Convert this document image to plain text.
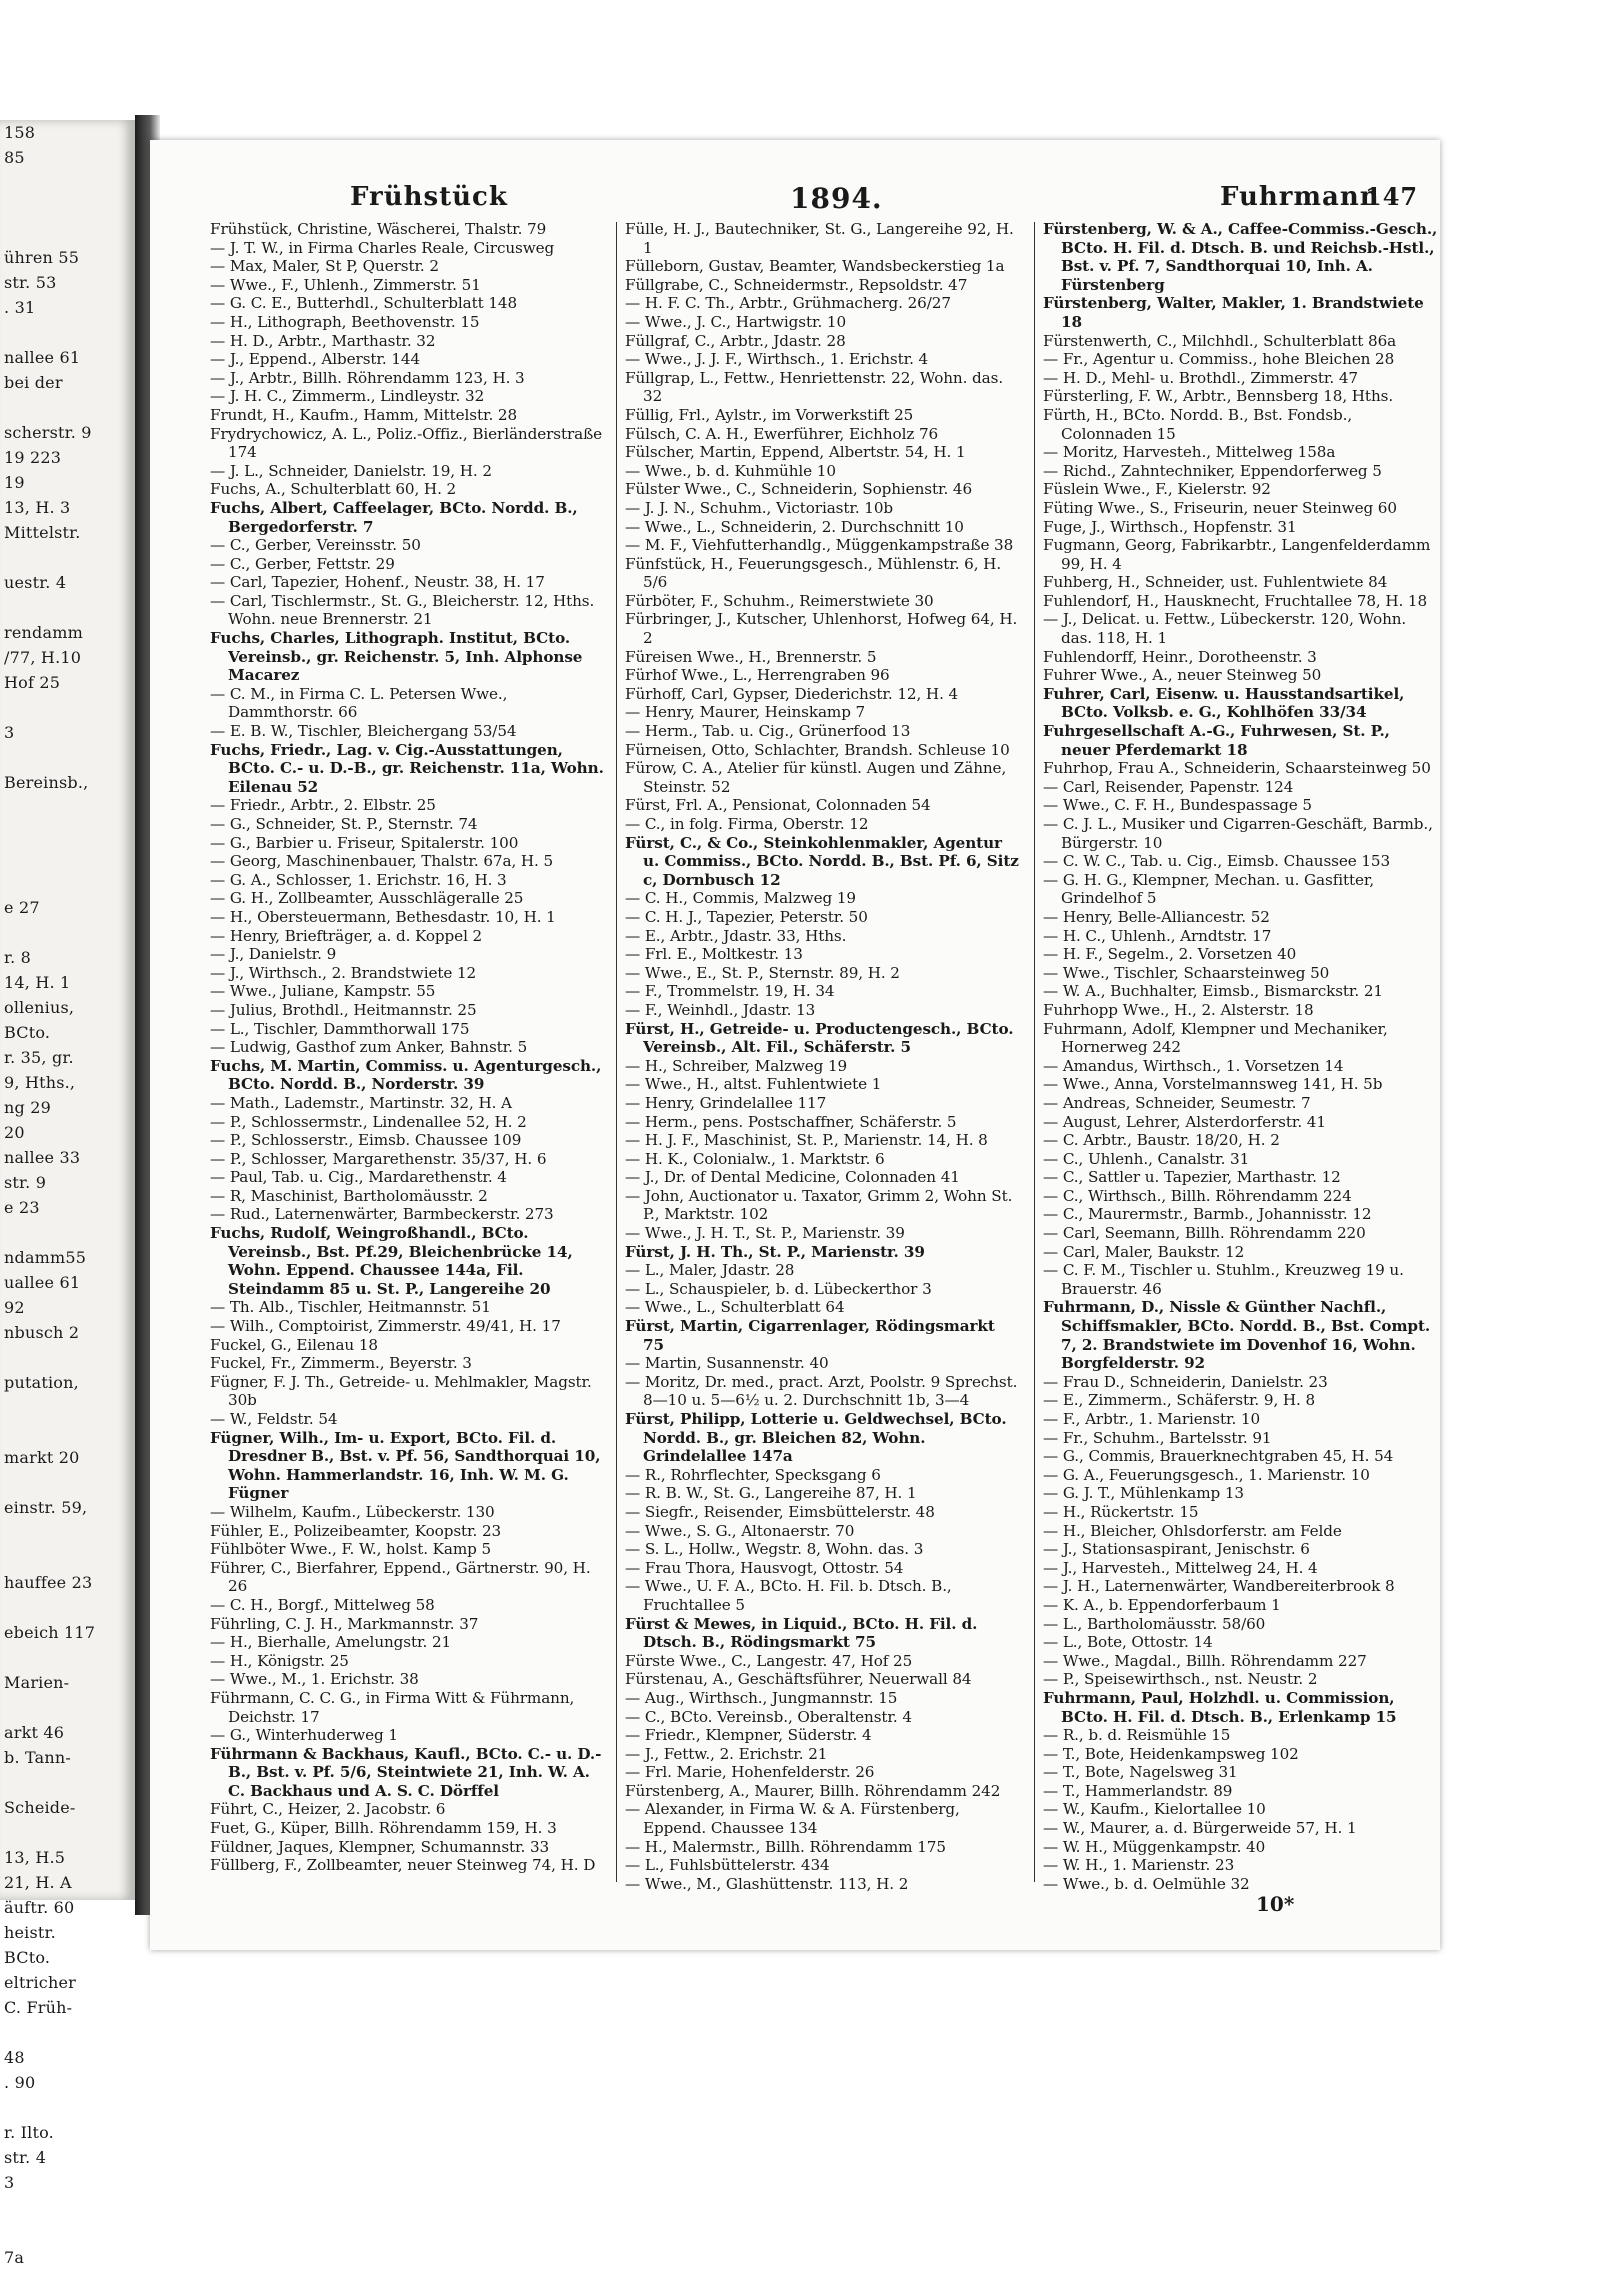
158
85

ühren 55
str. 53
. 31

nallee 61
bei der

scherstr. 9
19 223
19
13, H. 3
Mittelstr.

uestr. 4

rendamm
/77, H.10
Hof 25

3

Bereinsb.,

e 27

r. 8
14, H. 1
ollenius,
BCto.
r. 35, gr.
9, Hths.,
ng 29
20
nallee 33
str. 9
e 23

ndamm55
uallee 61
92
nbusch 2

putation,

markt 20

einstr. 59,

hauffee 23

ebeich 117

Marien-

arkt 46
b. Tann-

Scheide-

13, H.5
21, H. A
äuftr. 60
heistr.
BCto.
eltricher
C. Früh-

48
. 90

r. Ilto.
str. 4
3

7a
Frühstück	1894.	Fuhrmann
147
Frühstück, Christine, Wäscherei, Thalstr. 79
— J. T. W., in Firma Charles Reale, Circusweg
— Max, Maler, St P, Querstr. 2
— Wwe., F., Uhlenh., Zimmerstr. 51
— G. C. E., Butterhdl., Schulterblatt 148
— H., Lithograph, Beethovenstr. 15
— H. D., Arbtr., Marthastr. 32
— J., Eppend., Alberstr. 144
— J., Arbtr., Billh. Röhrendamm 123, H. 3
— J. H. C., Zimmerm., Lindleystr. 32
Frundt, H., Kaufm., Hamm, Mittelstr. 28
Frydrychowicz, A. L., Poliz.-Offiz., Bierländerstraße 174
— J. L., Schneider, Danielstr. 19, H. 2
Fuchs, A., Schulterblatt 60, H. 2
Fuchs, Albert, Caffeelager, BCto. Nordd. B., Bergedorferstr. 7
— C., Gerber, Vereinsstr. 50
— C., Gerber, Fettstr. 29
— Carl, Tapezier, Hohenf., Neustr. 38, H. 17
— Carl, Tischlermstr., St. G., Bleicherstr. 12, Hths. Wohn. neue Brennerstr. 21
Fuchs, Charles, Lithograph. Institut, BCto. Vereinsb., gr. Reichenstr. 5, Inh. Alphonse Macarez
— C. M., in Firma C. L. Petersen Wwe., Dammthorstr. 66
— E. B. W., Tischler, Bleichergang 53/54
Fuchs, Friedr., Lag. v. Cig.-Ausstattungen, BCto. C.- u. D.-B., gr. Reichenstr. 11a, Wohn. Eilenau 52
— Friedr., Arbtr., 2. Elbstr. 25
— G., Schneider, St. P., Sternstr. 74
— G., Barbier u. Friseur, Spitalerstr. 100
— Georg, Maschinenbauer, Thalstr. 67a, H. 5
— G. A., Schlosser, 1. Erichstr. 16, H. 3
— G. H., Zollbeamter, Ausschlägeralle 25
— H., Obersteuermann, Bethesdastr. 10, H. 1
— Henry, Briefträger, a. d. Koppel 2
— J., Danielstr. 9
— J., Wirthsch., 2. Brandstwiete 12
— Wwe., Juliane, Kampstr. 55
— Julius, Brothdl., Heitmannstr. 25
— L., Tischler, Dammthorwall 175
— Ludwig, Gasthof zum Anker, Bahnstr. 5
Fuchs, M. Martin, Commiss. u. Agenturgesch., BCto. Nordd. B., Norderstr. 39
— Math., Lademstr., Martinstr. 32, H. A
— P., Schlossermstr., Lindenallee 52, H. 2
— P., Schlosserstr., Eimsb. Chaussee 109
— P., Schlosser, Margarethenstr. 35/37, H. 6
— Paul, Tab. u. Cig., Mardarethenstr. 4
— R, Maschinist, Bartholomäusstr. 2
— Rud., Laternenwärter, Barmbeckerstr. 273
Fuchs, Rudolf, Weingroßhandl., BCto. Vereinsb., Bst. Pf.29, Bleichenbrücke 14, Wohn. Eppend. Chaussee 144a, Fil. Steindamm 85 u. St. P., Langereihe 20
— Th. Alb., Tischler, Heitmannstr. 51
— Wilh., Comptoirist, Zimmerstr. 49/41, H. 17
Fuckel, G., Eilenau 18
Fuckel, Fr., Zimmerm., Beyerstr. 3
Fügner, F. J. Th., Getreide- u. Mehlmakler, Magstr. 30b
— W., Feldstr. 54
Fügner, Wilh., Im- u. Export, BCto. Fil. d. Dresdner B., Bst. v. Pf. 56, Sandthorquai 10, Wohn. Hammerlandstr. 16, Inh. W. M. G. Fügner
— Wilhelm, Kaufm., Lübeckerstr. 130
Fühler, E., Polizeibeamter, Koopstr. 23
Fühlböter Wwe., F. W., holst. Kamp 5
Führer, C., Bierfahrer, Eppend., Gärtnerstr. 90, H. 26
— C. H., Borgf., Mittelweg 58
Führling, C. J. H., Markmannstr. 37
— H., Bierhalle, Amelungstr. 21
— H., Königstr. 25
— Wwe., M., 1. Erichstr. 38
Führmann, C. C. G., in Firma Witt & Führmann, Deichstr. 17
— G., Winterhuderweg 1
Führmann & Backhaus, Kaufl., BCto. C.- u. D.-B., Bst. v. Pf. 5/6, Steintwiete 21, Inh. W. A. C. Backhaus und A. S. C. Dörffel
Führt, C., Heizer, 2. Jacobstr. 6
Fuet, G., Küper, Billh. Röhrendamm 159, H. 3
Füldner, Jaques, Klempner, Schumannstr. 33
Füllberg, F., Zollbeamter, neuer Steinweg 74, H. D
Fülle, H. J., Bautechniker, St. G., Langereihe 92, H. 1
Fülleborn, Gustav, Beamter, Wandsbeckerstieg 1a
Füllgrabe, C., Schneidermstr., Repsoldstr. 47
— H. F. C. Th., Arbtr., Grühmacherg. 26/27
— Wwe., J. C., Hartwigstr. 10
Füllgraf, C., Arbtr., Jdastr. 28
— Wwe., J. J. F., Wirthsch., 1. Erichstr. 4
Füllgrap, L., Fettw., Henriettenstr. 22, Wohn. das. 32
Füllig, Frl., Aylstr., im Vorwerkstift 25
Fülsch, C. A. H., Ewerführer, Eichholz 76
Fülscher, Martin, Eppend, Albertstr. 54, H. 1
— Wwe., b. d. Kuhmühle 10
Fülster Wwe., C., Schneiderin, Sophienstr. 46
— J. J. N., Schuhm., Victoriastr. 10b
— Wwe., L., Schneiderin, 2. Durchschnitt 10
— M. F., Viehfutterhandlg., Müggenkampstraße 38
Fünfstück, H., Feuerungsgesch., Mühlenstr. 6, H. 5/6
Fürböter, F., Schuhm., Reimerstwiete 30
Fürbringer, J., Kutscher, Uhlenhorst, Hofweg 64, H. 2
Füreisen Wwe., H., Brennerstr. 5
Fürhof Wwe., L., Herrengraben 96
Fürhoff, Carl, Gypser, Diederichstr. 12, H. 4
— Henry, Maurer, Heinskamp 7
— Herm., Tab. u. Cig., Grünerfood 13
Fürneisen, Otto, Schlachter, Brandsh. Schleuse 10
Fürow, C. A., Atelier für künstl. Augen und Zähne, Steinstr. 52
Fürst, Frl. A., Pensionat, Colonnaden 54
— C., in folg. Firma, Oberstr. 12
Fürst, C., & Co., Steinkohlenmakler, Agentur u. Commiss., BCto. Nordd. B., Bst. Pf. 6, Sitz c, Dornbusch 12
— C. H., Commis, Malzweg 19
— C. H. J., Tapezier, Peterstr. 50
— E., Arbtr., Jdastr. 33, Hths.
— Frl. E., Moltkestr. 13
— Wwe., E., St. P., Sternstr. 89, H. 2
— F., Trommelstr. 19, H. 34
— F., Weinhdl., Jdastr. 13
Fürst, H., Getreide- u. Productengesch., BCto. Vereinsb., Alt. Fil., Schäferstr. 5
— H., Schreiber, Malzweg 19
— Wwe., H., altst. Fuhlentwiete 1
— Henry, Grindelallee 117
— Herm., pens. Postschaffner, Schäferstr. 5
— H. J. F., Maschinist, St. P., Marienstr. 14, H. 8
— H. K., Colonialw., 1. Marktstr. 6
— J., Dr. of Dental Medicine, Colonnaden 41
— John, Auctionator u. Taxator, Grimm 2, Wohn St. P., Marktstr. 102
— Wwe., J. H. T., St. P., Marienstr. 39
Fürst, J. H. Th., St. P., Marienstr. 39
— L., Maler, Jdastr. 28
— L., Schauspieler, b. d. Lübeckerthor 3
— Wwe., L., Schulterblatt 64
Fürst, Martin, Cigarrenlager, Rödingsmarkt 75
— Martin, Susannenstr. 40
— Moritz, Dr. med., pract. Arzt, Poolstr. 9 Sprechst. 8—10 u. 5—6½ u. 2. Durchschnitt 1b, 3—4
Fürst, Philipp, Lotterie u. Geldwechsel, BCto. Nordd. B., gr. Bleichen 82, Wohn. Grindelallee 147a
— R., Rohrflechter, Specksgang 6
— R. B. W., St. G., Langereihe 87, H. 1
— Siegfr., Reisender, Eimsbüttelerstr. 48
— Wwe., S. G., Altonaerstr. 70
— S. L., Hollw., Wegstr. 8, Wohn. das. 3
— Frau Thora, Hausvogt, Ottostr. 54
— Wwe., U. F. A., BCto. H. Fil. b. Dtsch. B., Fruchtallee 5
Fürst & Mewes, in Liquid., BCto. H. Fil. d. Dtsch. B., Rödingsmarkt 75
Fürste Wwe., C., Langestr. 47, Hof 25
Fürstenau, A., Geschäftsführer, Neuerwall 84
— Aug., Wirthsch., Jungmannstr. 15
— C., BCto. Vereinsb., Oberaltenstr. 4
— Friedr., Klempner, Süderstr. 4
— J., Fettw., 2. Erichstr. 21
— Frl. Marie, Hohenfelderstr. 26
Fürstenberg, A., Maurer, Billh. Röhrendamm 242
— Alexander, in Firma W. & A. Fürstenberg, Eppend. Chaussee 134
— H., Malermstr., Billh. Röhrendamm 175
— L., Fuhlsbüttelerstr. 434
— Wwe., M., Glashüttenstr. 113, H. 2
Fürstenberg, W. & A., Caffee-Commiss.-Gesch., BCto. H. Fil. d. Dtsch. B. und Reichsb.-Hstl., Bst. v. Pf. 7, Sandthorquai 10, Inh. A. Fürstenberg
Fürstenberg, Walter, Makler, 1. Brandstwiete 18
Fürstenwerth, C., Milchhdl., Schulterblatt 86a
— Fr., Agentur u. Commiss., hohe Bleichen 28
— H. D., Mehl- u. Brothdl., Zimmerstr. 47
Fürsterling, F. W., Arbtr., Bennsberg 18, Hths.
Fürth, H., BCto. Nordd. B., Bst. Fondsb., Colonnaden 15
— Moritz, Harvesteh., Mittelweg 158a
— Richd., Zahntechniker, Eppendorferweg 5
Füslein Wwe., F., Kielerstr. 92
Füting Wwe., S., Friseurin, neuer Steinweg 60
Fuge, J., Wirthsch., Hopfenstr. 31
Fugmann, Georg, Fabrikarbtr., Langenfelderdamm 99, H. 4
Fuhberg, H., Schneider, ust. Fuhlentwiete 84
Fuhlendorf, H., Hausknecht, Fruchtallee 78, H. 18
— J., Delicat. u. Fettw., Lübeckerstr. 120, Wohn. das. 118, H. 1
Fuhlendorff, Heinr., Dorotheenstr. 3
Fuhrer Wwe., A., neuer Steinweg 50
Fuhrer, Carl, Eisenw. u. Hausstandsartikel, BCto. Volksb. e. G., Kohlhöfen 33/34
Fuhrgesellschaft A.-G., Fuhrwesen, St. P., neuer Pferdemarkt 18
Fuhrhop, Frau A., Schneiderin, Schaarsteinweg 50
— Carl, Reisender, Papenstr. 124
— Wwe., C. F. H., Bundespassage 5
— C. J. L., Musiker und Cigarren-Geschäft, Barmb., Bürgerstr. 10
— C. W. C., Tab. u. Cig., Eimsb. Chaussee 153
— G. H. G., Klempner, Mechan. u. Gasfitter, Grindelhof 5
— Henry, Belle-Alliancestr. 52
— H. C., Uhlenh., Arndtstr. 17
— H. F., Segelm., 2. Vorsetzen 40
— Wwe., Tischler, Schaarsteinweg 50
— W. A., Buchhalter, Eimsb., Bismarckstr. 21
Fuhrhopp Wwe., H., 2. Alsterstr. 18
Fuhrmann, Adolf, Klempner und Mechaniker, Hornerweg 242
— Amandus, Wirthsch., 1. Vorsetzen 14
— Wwe., Anna, Vorstelmannsweg 141, H. 5b
— Andreas, Schneider, Seumestr. 7
— August, Lehrer, Alsterdorferstr. 41
— C. Arbtr., Baustr. 18/20, H. 2
— C., Uhlenh., Canalstr. 31
— C., Sattler u. Tapezier, Marthastr. 12
— C., Wirthsch., Billh. Röhrendamm 224
— C., Maurermstr., Barmb., Johannisstr. 12
— Carl, Seemann, Billh. Röhrendamm 220
— Carl, Maler, Baukstr. 12
— C. F. M., Tischler u. Stuhlm., Kreuzweg 19 u. Brauerstr. 46
Fuhrmann, D., Nissle & Günther Nachfl., Schiffsmakler, BCto. Nordd. B., Bst. Compt. 7, 2. Brandstwiete im Dovenhof 16, Wohn. Borgfelderstr. 92
— Frau D., Schneiderin, Danielstr. 23
— E., Zimmerm., Schäferstr. 9, H. 8
— F., Arbtr., 1. Marienstr. 10
— Fr., Schuhm., Bartelsstr. 91
— G., Commis, Brauerknechtgraben 45, H. 54
— G. A., Feuerungsgesch., 1. Marienstr. 10
— G. J. T., Mühlenkamp 13
— H., Rückertstr. 15
— H., Bleicher, Ohlsdorferstr. am Felde
— J., Stationsaspirant, Jenischstr. 6
— J., Harvesteh., Mittelweg 24, H. 4
— J. H., Laternenwärter, Wandbereiterbrook 8
— K. A., b. Eppendorferbaum 1
— L., Bartholomäusstr. 58/60
— L., Bote, Ottostr. 14
— Wwe., Magdal., Billh. Röhrendamm 227
— P., Speisewirthsch., nst. Neustr. 2
Fuhrmann, Paul, Holzhdl. u. Commission, BCto. H. Fil. d. Dtsch. B., Erlenkamp 15
— R., b. d. Reismühle 15
— T., Bote, Heidenkampsweg 102
— T., Bote, Nagelsweg 31
— T., Hammerlandstr. 89
— W., Kaufm., Kielortallee 10
— W., Maurer, a. d. Bürgerweide 57, H. 1
— W. H., Müggenkampstr. 40
— W. H., 1. Marienstr. 23
— Wwe., b. d. Oelmühle 32
10*
